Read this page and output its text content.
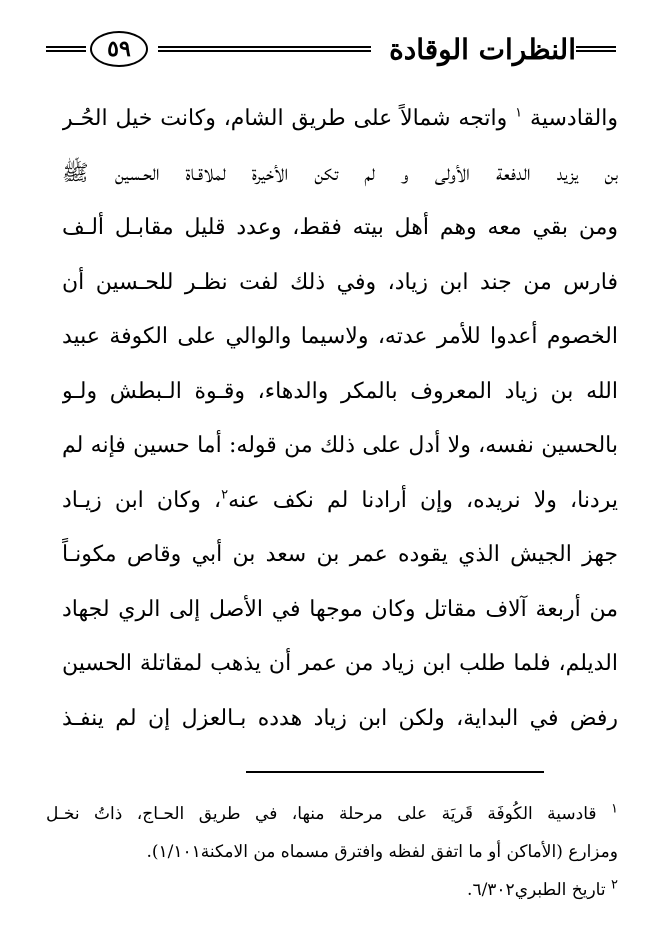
النظرات الوقادة
٥٩
والقادسية $^١$ واتجه شمالاً على طريق الشام، وكانت خيل الحُـر
بن يزيد الدفعة الأولى و لم تكن الأخيرة لملاقـاة الحـسين ﷺ
ومن بقي معه وهم أهل بيته فقط، وعدد قليل مقابـل ألـف
فارس من جند ابن زياد، وفي ذلك لفت نظـر للحـسين أن
الخصوم أعدوا للأمر عدته، ولاسيما والوالي على الكوفة عبيد
الله بن زياد المعروف بالمكر والدهاء، وقـوة الـبطش ولـو
بالحسين نفسه، ولا أدل على ذلك من قوله: أما حسين فإنه لم
يردنا، ولا نريده، وإن أرادنا لم نكف عنه$^٢$، وكان ابن زيـاد
جهز الجيش الذي يقوده عمر بن سعد بن أبي وقاص مكونـاً
من أربعة آلاف مقاتل وكان موجها في الأصل إلى الري لجهاد
الديلم، فلما طلب ابن زياد من عمر أن يذهب لمقاتلة الحسين
رفض في البداية، ولكن ابن زياد هدده بـالعزل إن لم ينفـذ
$^١$ قادسية الكُوفَة قَريَة على مرحلة منها، في طريق الحـاج، ذاتُ نخـل
ومزارع (الأماكن أو ما اتفق لفظه وافترق مسماه من الامكنة١/١٠١).
$^٢$ تاريخ الطبري٦/٣٠٢.
